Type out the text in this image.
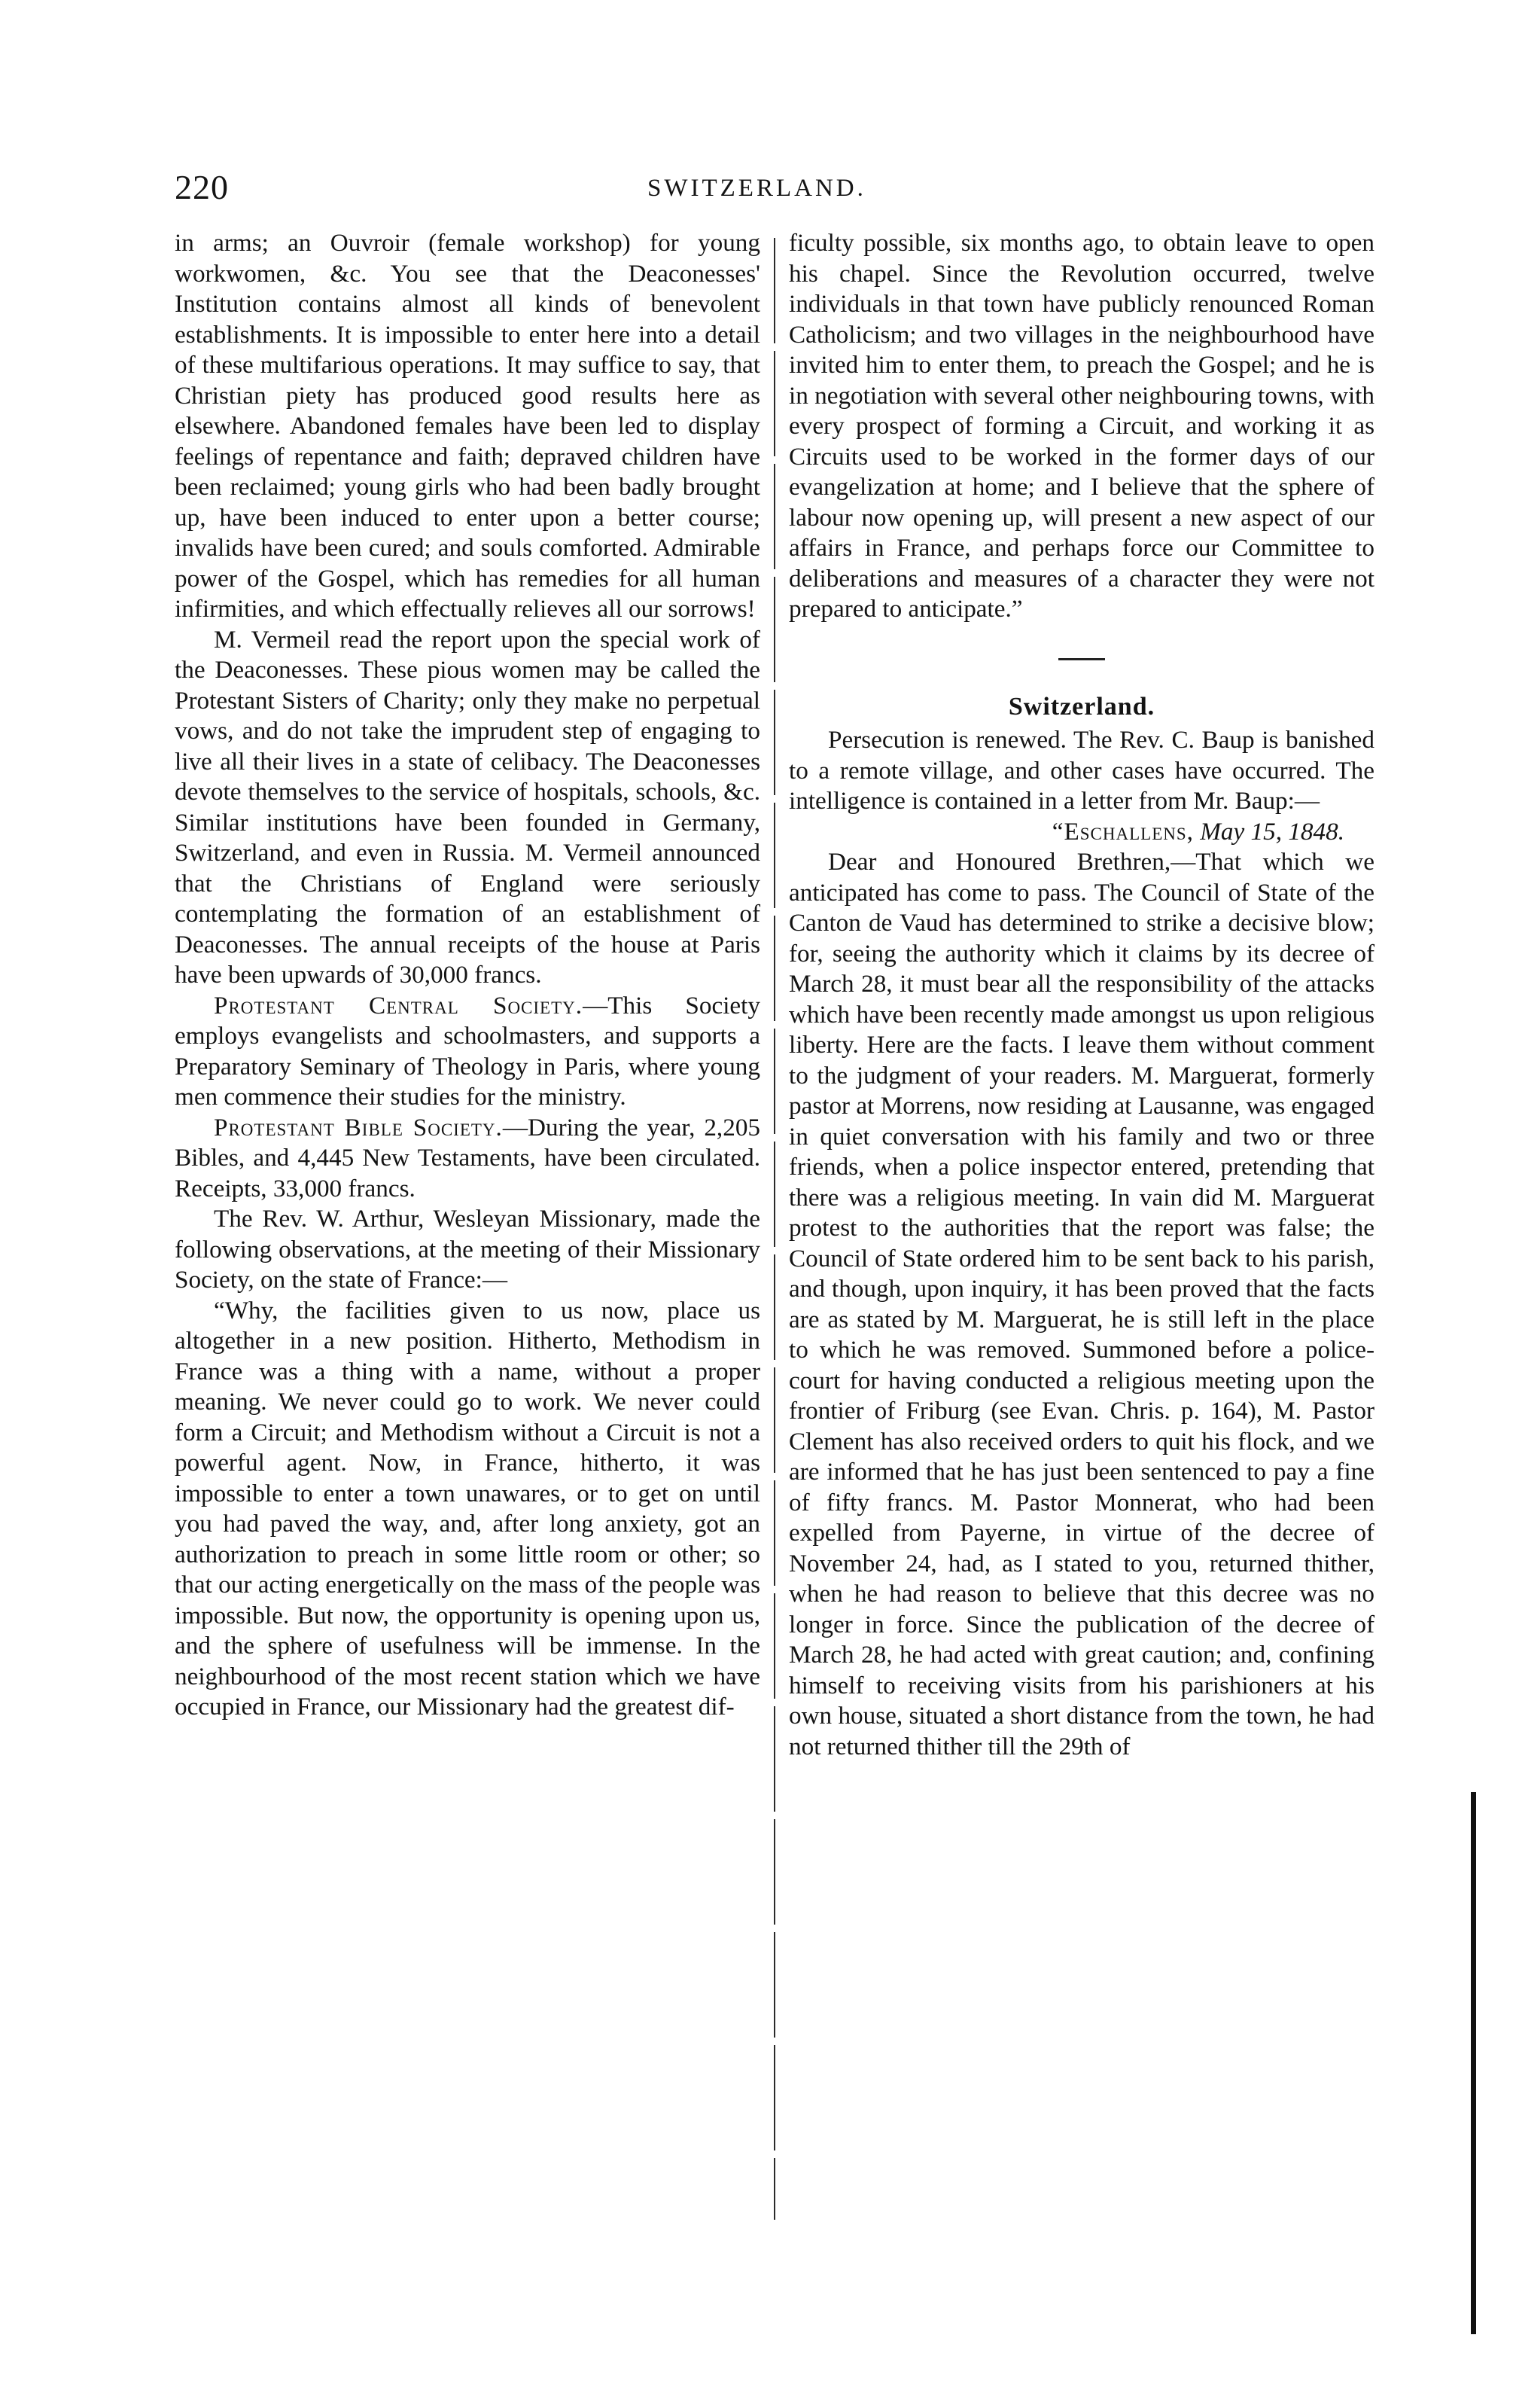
220	SWITZERLAND.

in arms; an Ouvroir (female workshop) for young workwomen, &c. You see that the Deaconesses' Institution contains almost all kinds of benevolent establishments. It is impossible to enter here into a detail of these multifarious operations. It may suffice to say, that Christian piety has produced good results here as elsewhere. Abandoned females have been led to display feelings of repentance and faith; depraved children have been reclaimed; young girls who had been badly brought up, have been induced to enter upon a better course; invalids have been cured; and souls comforted. Admirable power of the Gospel, which has remedies for all human infirmities, and which effectually relieves all our sorrows!

M. Vermeil read the report upon the special work of the Deaconesses. These pious women may be called the Protestant Sisters of Charity; only they make no perpetual vows, and do not take the imprudent step of engaging to live all their lives in a state of celibacy. The Deaconesses devote themselves to the service of hospitals, schools, &c. Similar institutions have been founded in Germany, Switzerland, and even in Russia. M. Vermeil announced that the Christians of England were seriously contemplating the formation of an establishment of Deaconesses. The annual receipts of the house at Paris have been upwards of 30,000 francs.

Protestant Central Society.—This Society employs evangelists and schoolmasters, and supports a Preparatory Seminary of Theology in Paris, where young men commence their studies for the ministry.

Protestant Bible Society.—During the year, 2,205 Bibles, and 4,445 New Testaments, have been circulated. Receipts, 33,000 francs.

The Rev. W. Arthur, Wesleyan Missionary, made the following observations, at the meeting of their Missionary Society, on the state of France:—

“Why, the facilities given to us now, place us altogether in a new position. Hitherto, Methodism in France was a thing with a name, without a proper meaning. We never could go to work. We never could form a Circuit; and Methodism without a Circuit is not a powerful agent. Now, in France, hitherto, it was impossible to enter a town unawares, or to get on until you had paved the way, and, after long anxiety, got an authorization to preach in some little room or other; so that our acting energetically on the mass of the people was impossible. But now, the opportunity is opening upon us, and the sphere of usefulness will be immense. In the neighbourhood of the most recent station which we have occupied in France, our Missionary had the greatest dif-

ficulty possible, six months ago, to obtain leave to open his chapel. Since the Revolution occurred, twelve individuals in that town have publicly renounced Roman Catholicism; and two villages in the neighbourhood have invited him to enter them, to preach the Gospel; and he is in negotiation with several other neighbouring towns, with every prospect of forming a Circuit, and working it as Circuits used to be worked in the former days of our evangelization at home; and I believe that the sphere of labour now opening up, will present a new aspect of our affairs in France, and perhaps force our Committee to deliberations and measures of a character they were not prepared to anticipate.”

Switzerland.

Persecution is renewed. The Rev. C. Baup is banished to a remote village, and other cases have occurred. The intelligence is contained in a letter from Mr. Baup:—

“Eschallens, May 15, 1848.

Dear and Honoured Brethren,—That which we anticipated has come to pass. The Council of State of the Canton de Vaud has determined to strike a decisive blow; for, seeing the authority which it claims by its decree of March 28, it must bear all the responsibility of the attacks which have been recently made amongst us upon religious liberty. Here are the facts. I leave them without comment to the judgment of your readers. M. Marguerat, formerly pastor at Morrens, now residing at Lausanne, was engaged in quiet conversation with his family and two or three friends, when a police inspector entered, pretending that there was a religious meeting. In vain did M. Marguerat protest to the authorities that the report was false; the Council of State ordered him to be sent back to his parish, and though, upon inquiry, it has been proved that the facts are as stated by M. Marguerat, he is still left in the place to which he was removed. Summoned before a police-court for having conducted a religious meeting upon the frontier of Friburg (see Evan. Chris. p. 164), M. Pastor Clement has also received orders to quit his flock, and we are informed that he has just been sentenced to pay a fine of fifty francs. M. Pastor Monnerat, who had been expelled from Payerne, in virtue of the decree of November 24, had, as I stated to you, returned thither, when he had reason to believe that this decree was no longer in force. Since the publication of the decree of March 28, he had acted with great caution; and, confining himself to receiving visits from his parishioners at his own house, situated a short distance from the town, he had not returned thither till the 29th of
